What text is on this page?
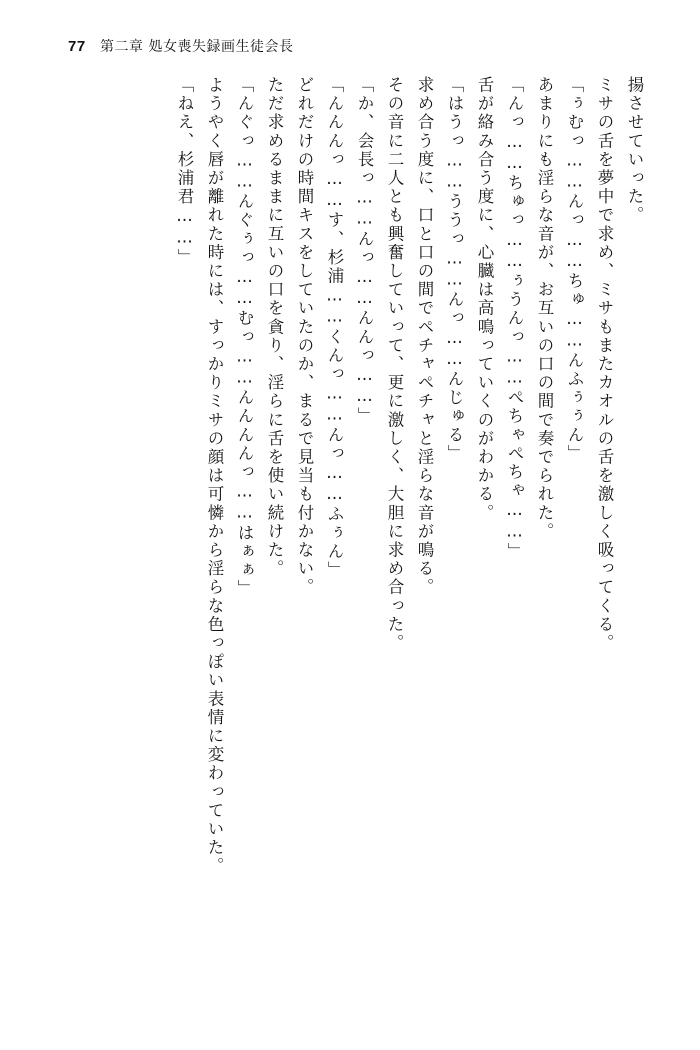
77 第二章 処女喪失録画生徒会長
揚させていった。
ミサの舌を夢中で求め、ミサもまたカオルの舌を激しく吸ってくる。
「ぅむっ……んっ……ちゅ……んふぅぅん」
あまりにも淫らな音が、お互いの口の間で奏でられた。
「んっ……ちゅっ……ぅうんっ……ぺちゃぺちゃ……」
舌が絡み合う度に、心臓は高鳴っていくのがわかる。
「はうっ……ううっ……んっ……んじゅる」
求め合う度に、口と口の間でペチャペチャと淫らな音が鳴る。
その音に二人とも興奮していって、更に激しく、大胆に求め合った。
「か、会長っ……んっ……んんっ……」
「んんんっ……す、杉浦……くんっ……んっ……ふぅん」
どれだけの時間キスをしていたのか、まるで見当も付かない。
ただ求めるままに互いの口を貪り、淫らに舌を使い続けた。
「んぐっ……んぐぅっ……むっ……んんんんっ……はぁぁ」
ようやく唇が離れた時には、すっかりミサの顔は可憐から淫らな色っぽい表情に変わっていた。
「ねえ、杉浦君……」
